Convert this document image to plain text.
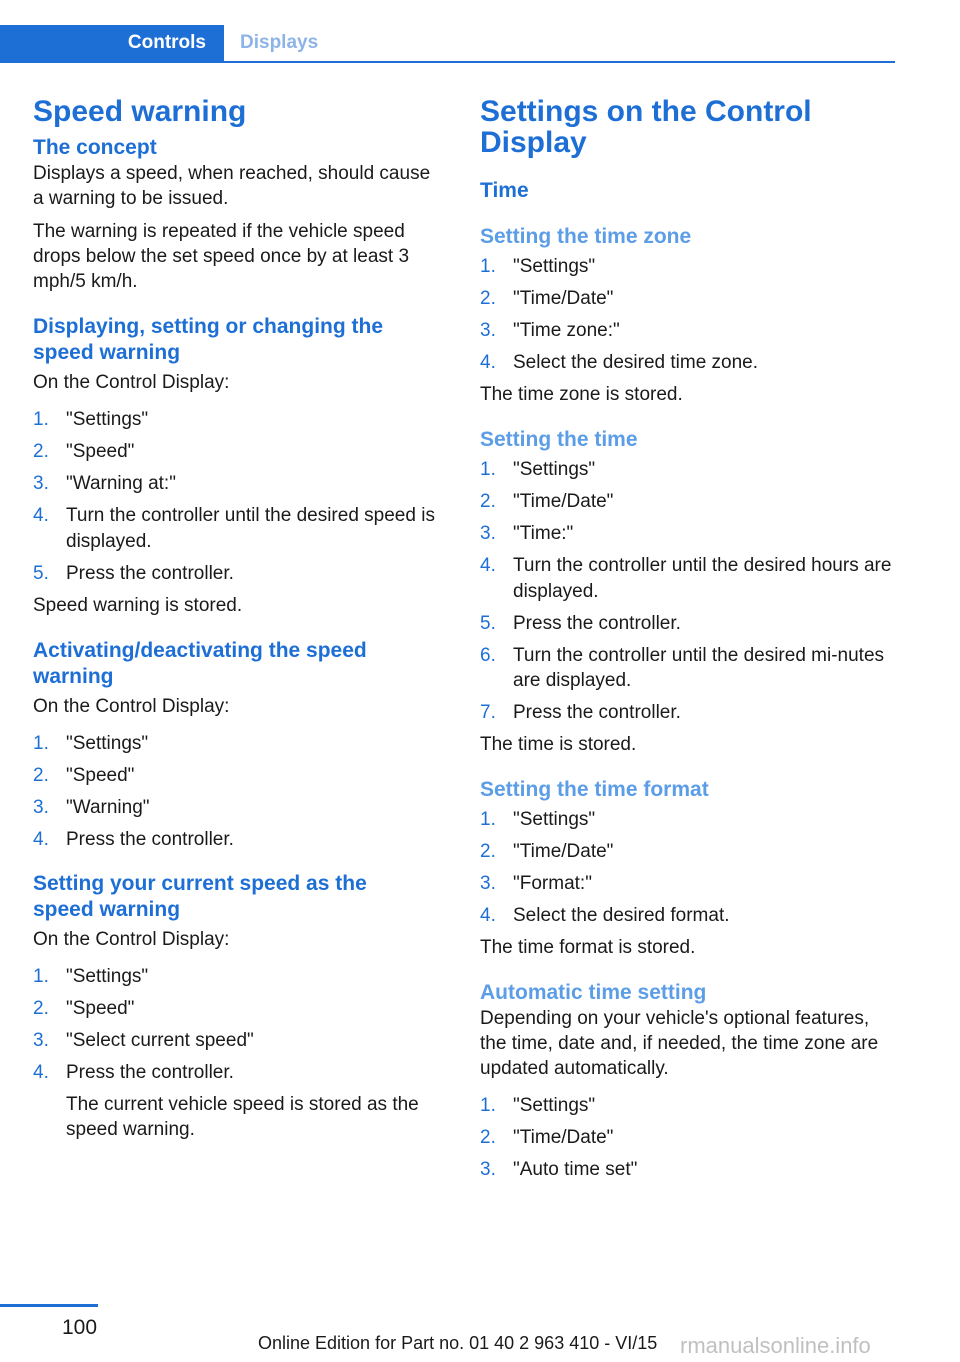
Controls	Displays
Speed warning
The concept

Displays a speed, when reached, should cause a warning to be issued.

The warning is repeated if the vehicle speed drops below the set speed once by at least 3 mph/5 km/h.

Displaying, setting or changing the speed warning

On the Control Display:

1. "Settings"
2. "Speed"
3. "Warning at:"
4. Turn the controller until the desired speed is displayed.
5. Press the controller.

Speed warning is stored.

Activating/deactivating the speed warning

On the Control Display:

1. "Settings"
2. "Speed"
3. "Warning"
4. Press the controller.
Setting your current speed as the speed warning

On the Control Display:

1. "Settings"
2. "Speed"
3. "Select current speed"
4. Press the controller.

The current vehicle speed is stored as the speed warning.

Settings on the Control Display
Time
Setting the time zone
1. "Settings"
2. "Time/Date"
3. "Time zone:"
4. Select the desired time zone.

The time zone is stored.

Setting the time
1. "Settings"
2. "Time/Date"
3. "Time:"
4. Turn the controller until the desired hours are displayed.
5. Press the controller.
6. Turn the controller until the desired mi-nutes are displayed.
7. Press the controller.

The time is stored.

Setting the time format
1. "Settings"
2. "Time/Date"
3. "Format:"
4. Select the desired format.

The time format is stored.

Automatic time setting

Depending on your vehicle's optional features, the time, date and, if needed, the time zone are updated automatically.

1. "Settings"
2. "Time/Date"
3. "Auto time set"
100
Online Edition for Part no. 01 40 2 963 410 - VI/15 rmanualsonline.info
